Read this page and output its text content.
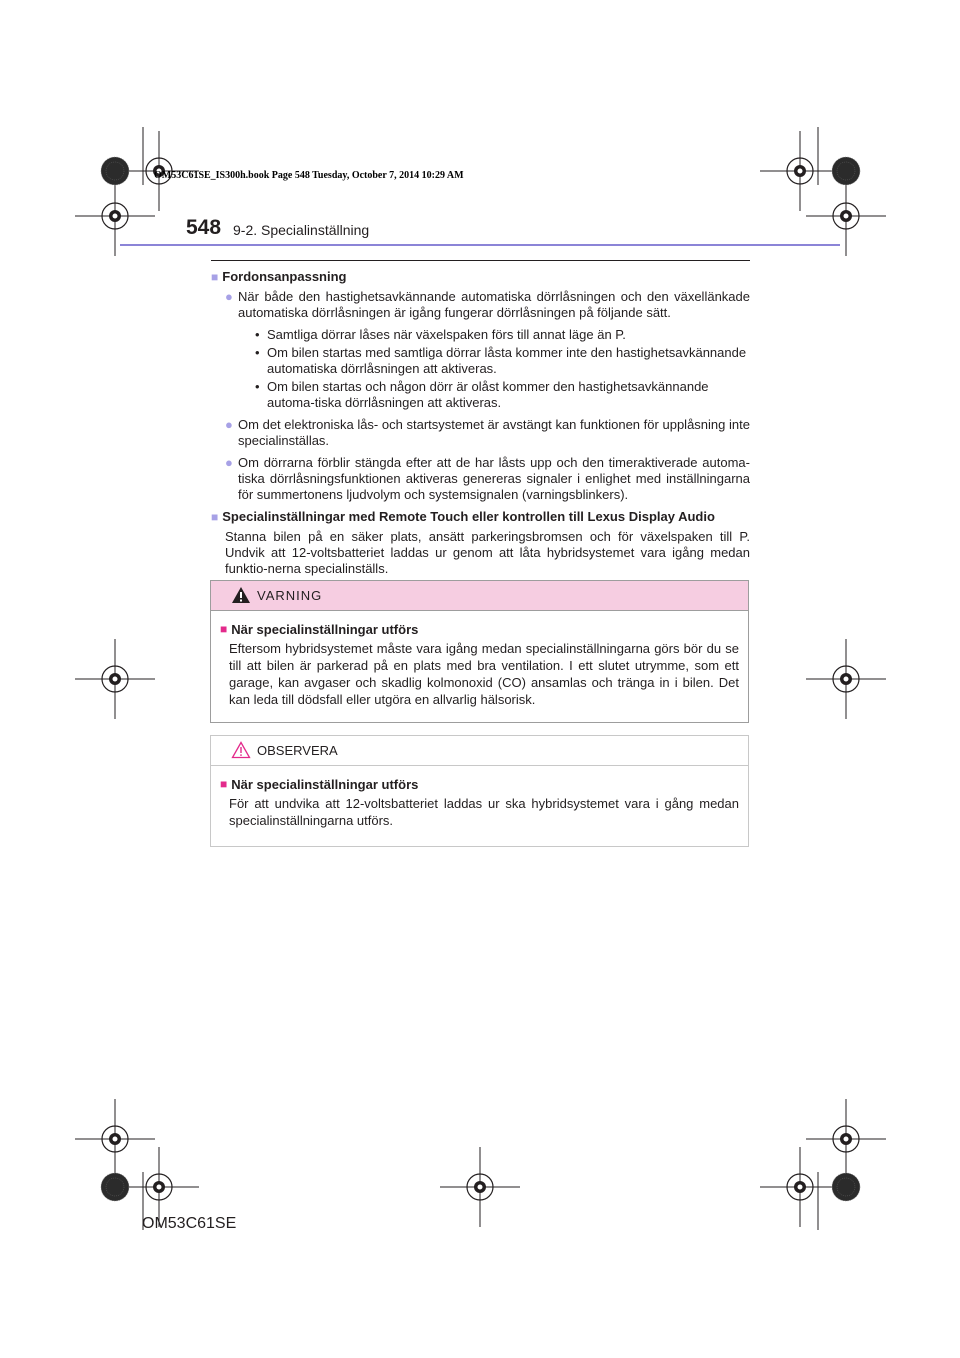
OM53C61SE_IS300h.book Page 548 Tuesday, October 7, 2014 10:29 AM
548 9-2. Specialinställning
■ Fordonsanpassning
● När både den hastighetsavkännande automatiska dörrlåsningen och den växellänkade automatiska dörrlåsningen är igång fungerar dörrlåsningen på följande sätt.
• Samtliga dörrar låses när växelspaken förs till annat läge än P.
• Om bilen startas med samtliga dörrar låsta kommer inte den hastighetsavkännande automatiska dörrlåsningen att aktiveras.
• Om bilen startas och någon dörr är olåst kommer den hastighetsavkännande automa-tiska dörrlåsningen att aktiveras.
● Om det elektroniska lås- och startsystemet är avstängt kan funktionen för upplåsning inte specialinställas.
● Om dörrarna förblir stängda efter att de har låsts upp och den timeraktiverade automa-tiska dörrlåsningsfunktionen aktiveras genereras signaler i enlighet med inställningarna för summertonens ljudvolym och systemsignalen (varningsblinkers).
■ Specialinställningar med Remote Touch eller kontrollen till Lexus Display Audio
Stanna bilen på en säker plats, ansätt parkeringsbromsen och för växelspaken till P. Undvik att 12-voltsbatteriet laddas ur genom att låta hybridsystemet vara igång medan funktio-nerna specialinställs.
VARNING
■ När specialinställningar utförs
Eftersom hybridsystemet måste vara igång medan specialinställningarna görs bör du se till att bilen är parkerad på en plats med bra ventilation. I ett slutet utrymme, som ett garage, kan avgaser och skadlig kolmonoxid (CO) ansamlas och tränga in i bilen. Det kan leda till dödsfall eller utgöra en allvarlig hälsorisk.
OBSERVERA
■ När specialinställningar utförs
För att undvika att 12-voltsbatteriet laddas ur ska hybridsystemet vara i gång medan specialinställningarna utförs.
OM53C61SE
